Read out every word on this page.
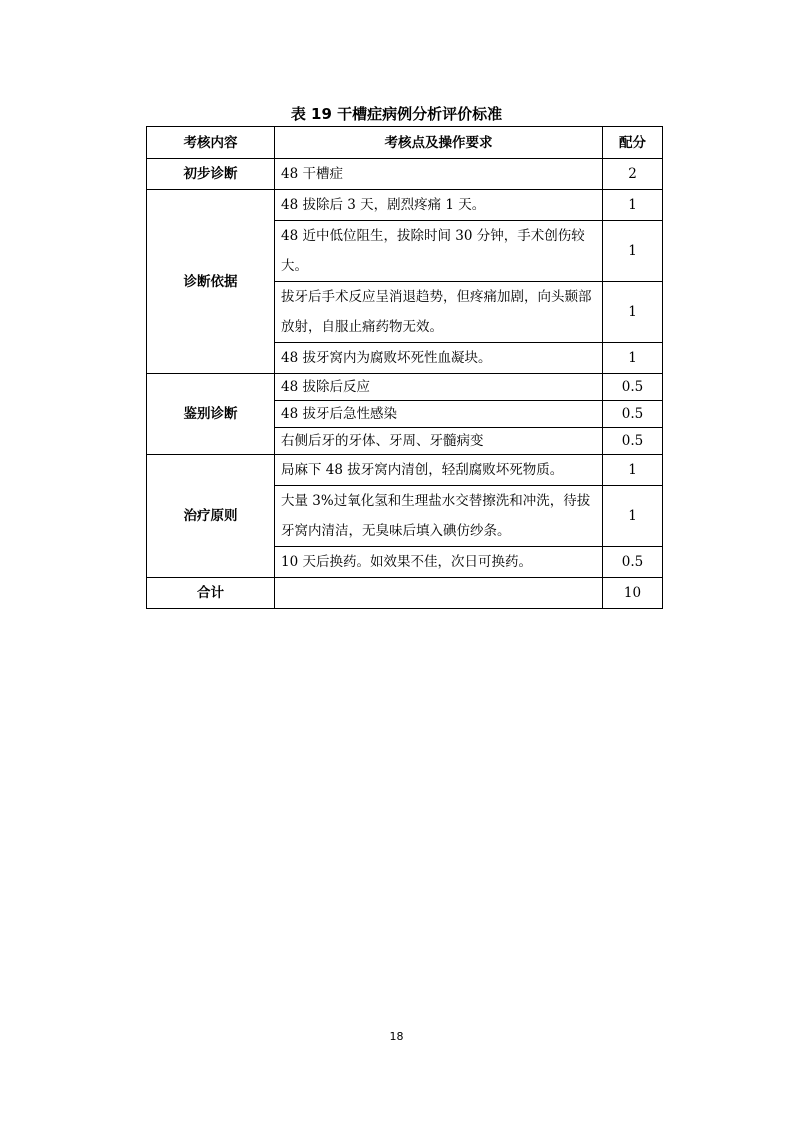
表 19 干槽症病例分析评价标准
考核内容	考核点及操作要求	配分
初步诊断	48 干槽症	2
诊断依据	48 拔除后 3 天，剧烈疼痛 1 天。	1
	48 近中低位阻生，拔除时间 30 分钟，手术创伤较大。	1
	拔牙后手术反应呈消退趋势，但疼痛加剧，向头颞部放射，自服止痛药物无效。	1
	48 拔牙窝内为腐败坏死性血凝块。	1
鉴别诊断	48 拔除后反应	0.5
	48 拔牙后急性感染	0.5
	右侧后牙的牙体、牙周、牙髓病变	0.5
治疗原则	局麻下 48 拔牙窝内清创，轻刮腐败坏死物质。	1
	大量 3%过氧化氢和生理盐水交替擦洗和冲洗，待拔牙窝内清洁，无臭味后填入碘仿纱条。	1
	10 天后换药。如效果不佳，次日可换药。	0.5
合计		10
18
